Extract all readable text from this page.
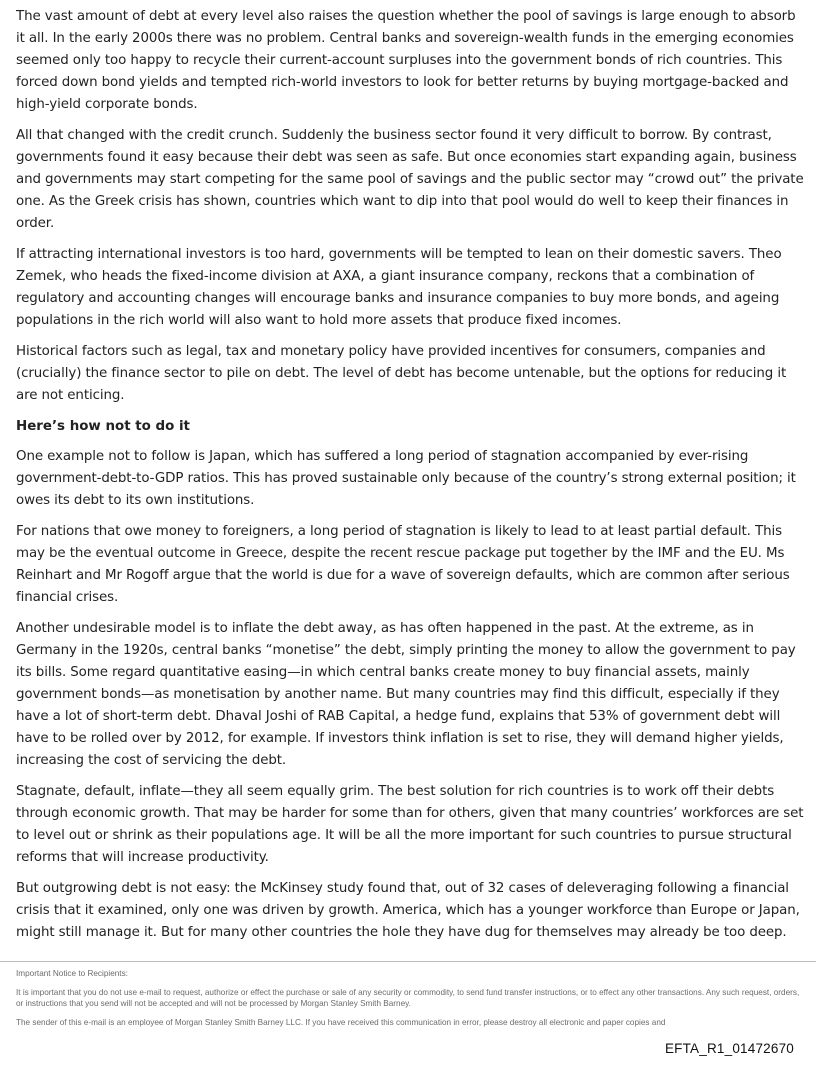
The vast amount of debt at every level also raises the question whether the pool of savings is large enough to absorb it all. In the early 2000s there was no problem. Central banks and sovereign-wealth funds in the emerging economies seemed only too happy to recycle their current-account surpluses into the government bonds of rich countries. This forced down bond yields and tempted rich-world investors to look for better returns by buying mortgage-backed and high-yield corporate bonds.

All that changed with the credit crunch. Suddenly the business sector found it very difficult to borrow. By contrast, governments found it easy because their debt was seen as safe. But once economies start expanding again, business and governments may start competing for the same pool of savings and the public sector may “crowd out” the private one. As the Greek crisis has shown, countries which want to dip into that pool would do well to keep their finances in order.

If attracting international investors is too hard, governments will be tempted to lean on their domestic savers. Theo Zemek, who heads the fixed-income division at AXA, a giant insurance company, reckons that a combination of regulatory and accounting changes will encourage banks and insurance companies to buy more bonds, and ageing populations in the rich world will also want to hold more assets that produce fixed incomes.

Historical factors such as legal, tax and monetary policy have provided incentives for consumers, companies and (crucially) the finance sector to pile on debt. The level of debt has become untenable, but the options for reducing it are not enticing.

Here’s how not to do it

One example not to follow is Japan, which has suffered a long period of stagnation accompanied by ever-rising government-debt-to-GDP ratios. This has proved sustainable only because of the country’s strong external position; it owes its debt to its own institutions.

For nations that owe money to foreigners, a long period of stagnation is likely to lead to at least partial default. This may be the eventual outcome in Greece, despite the recent rescue package put together by the IMF and the EU. Ms Reinhart and Mr Rogoff argue that the world is due for a wave of sovereign defaults, which are common after serious financial crises.

Another undesirable model is to inflate the debt away, as has often happened in the past. At the extreme, as in Germany in the 1920s, central banks “monetise” the debt, simply printing the money to allow the government to pay its bills. Some regard quantitative easing—in which central banks create money to buy financial assets, mainly government bonds—as monetisation by another name. But many countries may find this difficult, especially if they have a lot of short-term debt. Dhaval Joshi of RAB Capital, a hedge fund, explains that 53% of government debt will have to be rolled over by 2012, for example. If investors think inflation is set to rise, they will demand higher yields, increasing the cost of servicing the debt.

Stagnate, default, inflate—they all seem equally grim. The best solution for rich countries is to work off their debts through economic growth. That may be harder for some than for others, given that many countries’ workforces are set to level out or shrink as their populations age. It will be all the more important for such countries to pursue structural reforms that will increase productivity.

But outgrowing debt is not easy: the McKinsey study found that, out of 32 cases of deleveraging following a financial crisis that it examined, only one was driven by growth. America, which has a younger workforce than Europe or Japan, might still manage it. But for many other countries the hole they have dug for themselves may already be too deep.

Important Notice to Recipients:

It is important that you do not use e-mail to request, authorize or effect the purchase or sale of any security or commodity, to send fund transfer instructions, or to effect any other transactions. Any such request, orders, or instructions that you send will not be accepted and will not be processed by Morgan Stanley Smith Barney.

The sender of this e-mail is an employee of Morgan Stanley Smith Barney LLC. If you have received this communication in error, please destroy all electronic and paper copies and

EFTA_R1_01472670
